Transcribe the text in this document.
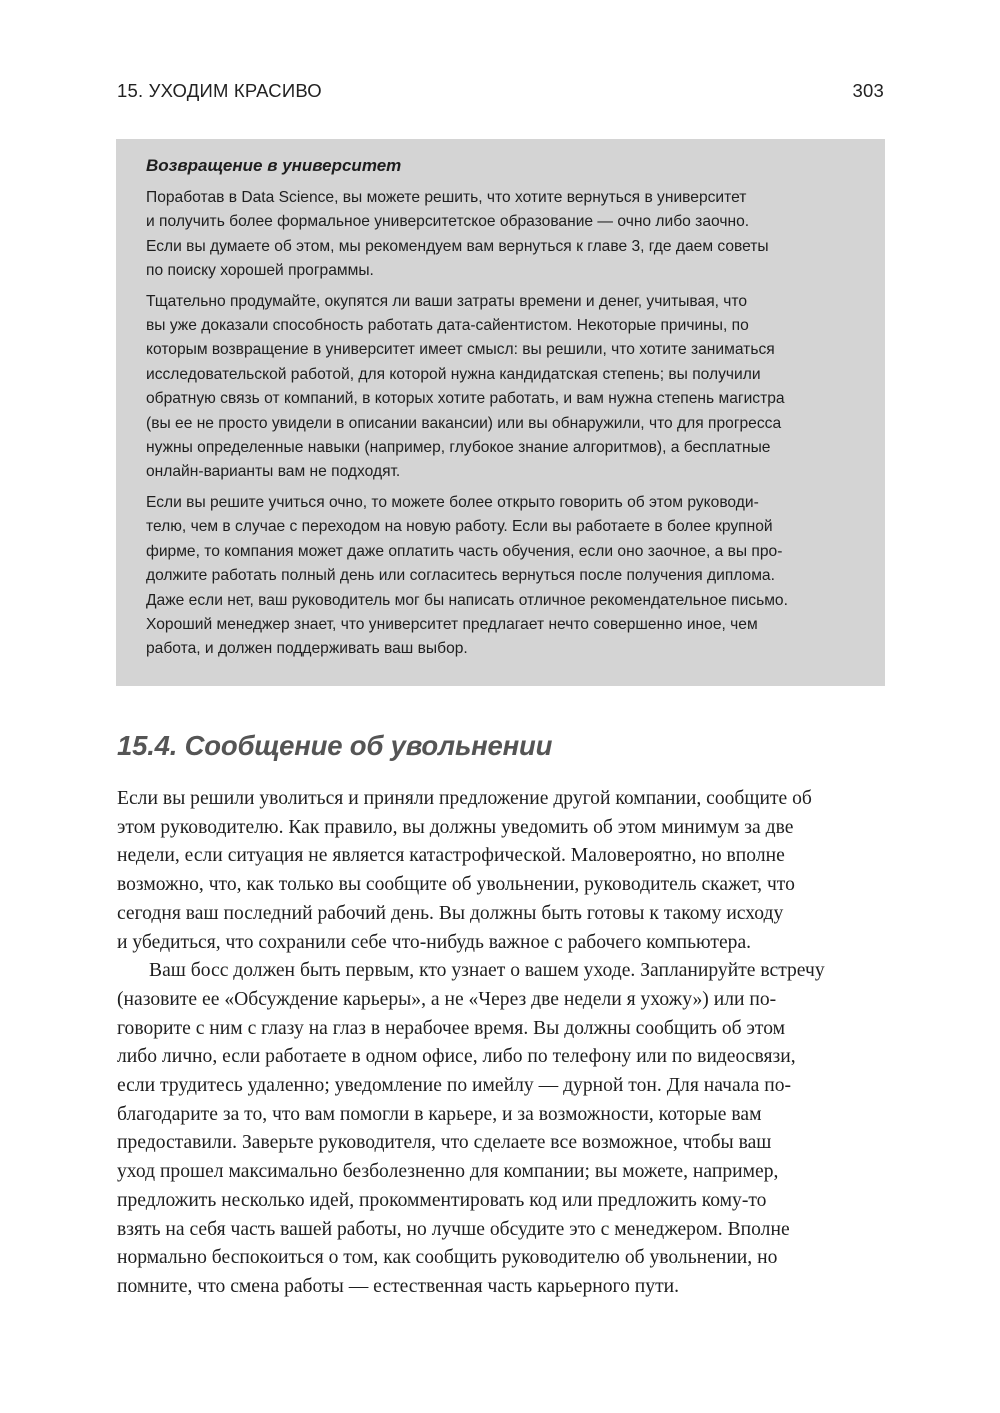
15. УХОДИМ КРАСИВО	303
Возвращение в университет

Поработав в Data Science, вы можете решить, что хотите вернуться в университет
и получить более формальное университетское образование — очно либо заочно.
Если вы думаете об этом, мы рекомендуем вам вернуться к главе 3, где даем советы
по поиску хорошей программы.

Тщательно продумайте, окупятся ли ваши затраты времени и денег, учитывая, что
вы уже доказали способность работать дата-сайентистом. Некоторые причины, по
которым возвращение в университет имеет смысл: вы решили, что хотите заниматься
исследовательской работой, для которой нужна кандидатская степень; вы получили
обратную связь от компаний, в которых хотите работать, и вам нужна степень магистра
(вы ее не просто увидели в описании вакансии) или вы обнаружили, что для прогресса
нужны определенные навыки (например, глубокое знание алгоритмов), а бесплатные
онлайн-варианты вам не подходят.

Если вы решите учиться очно, то можете более открыто говорить об этом руководи-
телю, чем в случае с переходом на новую работу. Если вы работаете в более крупной
фирме, то компания может даже оплатить часть обучения, если оно заочное, а вы про-
должите работать полный день или согласитесь вернуться после получения диплома.
Даже если нет, ваш руководитель мог бы написать отличное рекомендательное письмо.
Хороший менеджер знает, что университет предлагает нечто совершенно иное, чем
работа, и должен поддерживать ваш выбор.

15.4. Сообщение об увольнении

Если вы решили уволиться и приняли предложение другой компании, сообщите об
этом руководителю. Как правило, вы должны уведомить об этом минимум за две
недели, если ситуация не является катастрофической. Маловероятно, но вполне
возможно, что, как только вы сообщите об увольнении, руководитель скажет, что
сегодня ваш последний рабочий день. Вы должны быть готовы к такому исходу
и убедиться, что сохранили себе что-нибудь важное с рабочего компьютера.

Ваш босс должен быть первым, кто узнает о вашем уходе. Запланируйте встречу
(назовите ее «Обсуждение карьеры», а не «Через две недели я ухожу») или по-
говорите с ним с глазу на глаз в нерабочее время. Вы должны сообщить об этом
либо лично, если работаете в одном офисе, либо по телефону или по видеосвязи,
если трудитесь удаленно; уведомление по имейлу — дурной тон. Для начала по-
благодарите за то, что вам помогли в карьере, и за возможности, которые вам
предоставили. Заверьте руководителя, что сделаете все возможное, чтобы ваш
уход прошел максимально безболезненно для компании; вы можете, например,
предложить несколько идей, прокомментировать код или предложить кому-то
взять на себя часть вашей работы, но лучше обсудите это с менеджером. Вполне
нормально беспокоиться о том, как сообщить руководителю об увольнении, но
помните, что смена работы — естественная часть карьерного пути.
